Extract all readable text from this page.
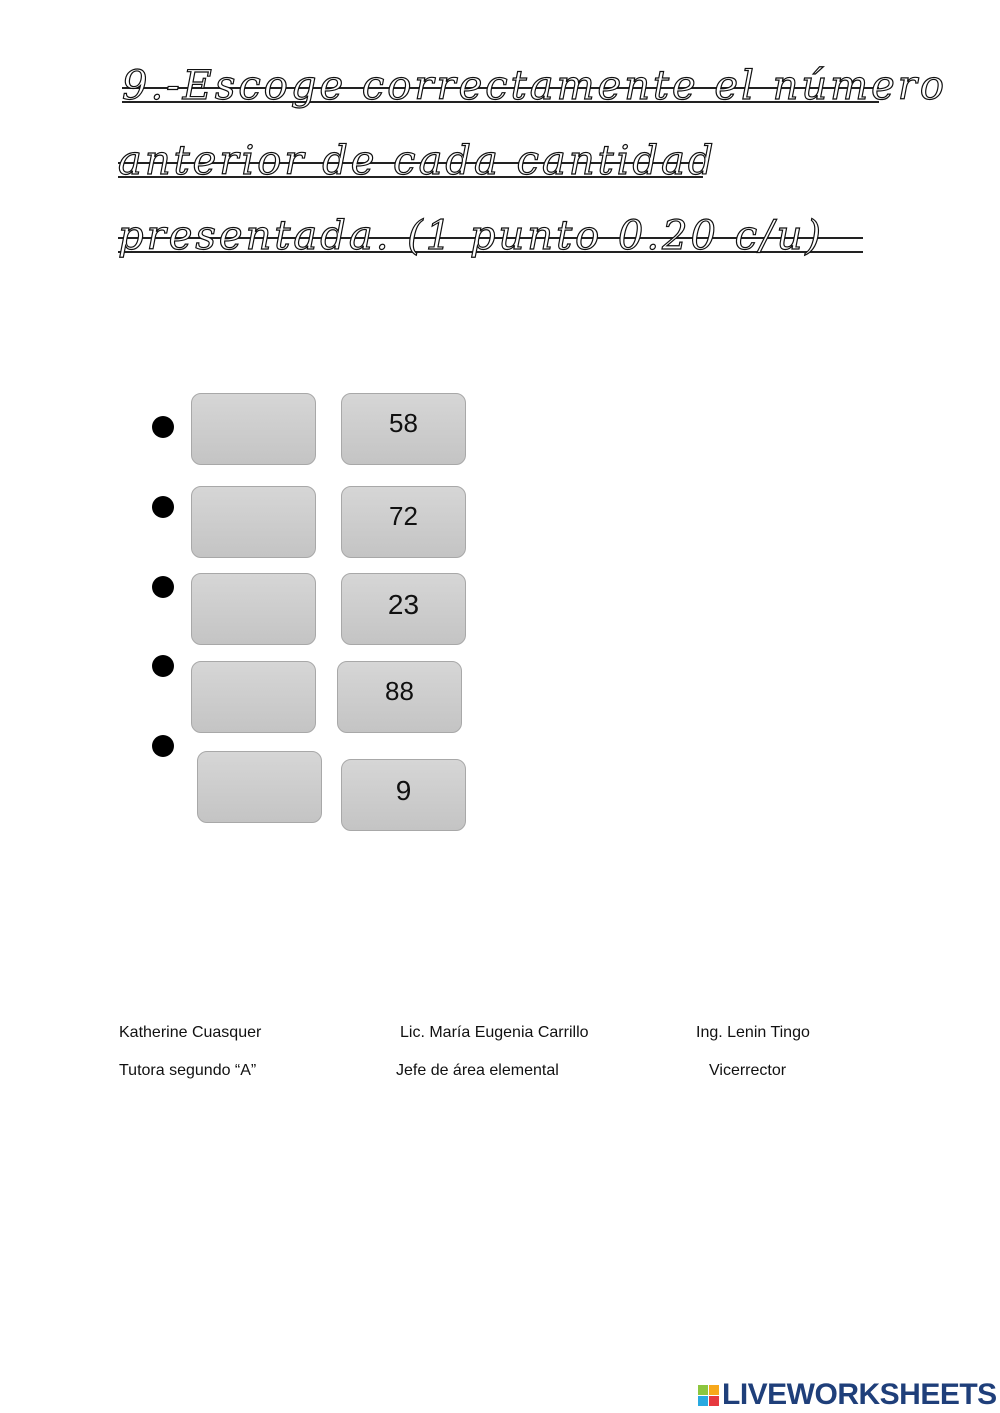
9.-Escoge correctamente el número
anterior de cada cantidad
presentada. (1 punto 0.20 c/u)
58
72
23
88
9
Katherine Cuasquer
Tutora segundo “A”
Lic. María Eugenia Carrillo
Jefe de área elemental
Ing. Lenin Tingo
Vicerrector
LIVEWORKSHEETS
